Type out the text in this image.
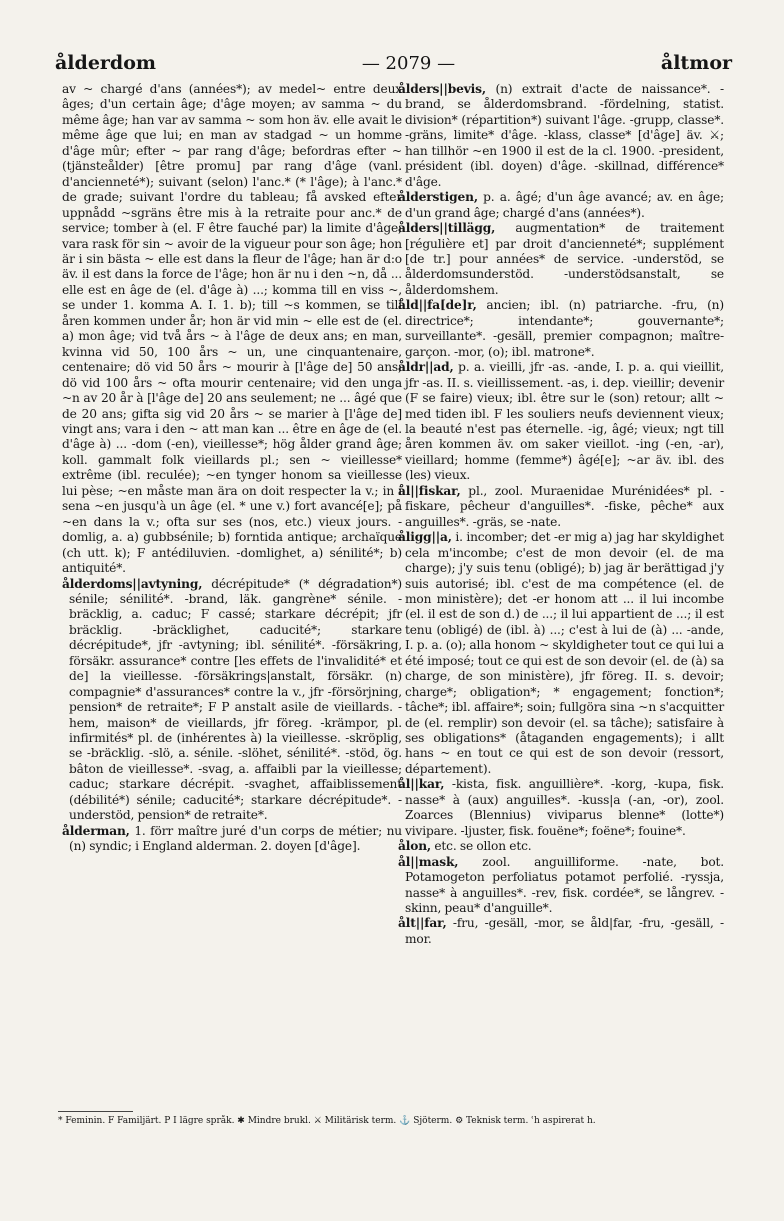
ålderdom	— 2079 —	åltmor

av ~ chargé d'ans (années*); av medel~ entre deux âges; d'un certain âge; d'âge moyen; av samma ~ du même âge; han var av samma ~ som hon äv. elle avait le même âge que lui; en man av stadgad ~ un homme d'âge mûr; efter ~ par rang d'âge; befordras efter ~ (tjänsteålder) [être promu] par rang d'âge (vanl. d'ancienneté*); suivant (selon) l'anc.* (* l'âge); à l'anc.* de grade; suivant l'ordre du tableau; få avsked efter uppnådd ~sgräns être mis à la retraite pour anc.* de service; tomber à (el. F être fauché par) la limite d'âge; vara rask för sin ~ avoir de la vigueur pour son âge; hon är i sin bästa ~ elle est dans la fleur de l'âge; han är d:o äv. il est dans la force de l'âge; hon är nu i den ~n, då ... elle est en âge de (el. d'âge à) ...; komma till en viss ~, se under 1. komma A. I. 1. b); till ~s kommen, se till åren kommen under år; hon är vid min ~ elle est de (el. a) mon âge; vid två års ~ à l'âge de deux ans; en man, kvinna vid 50, 100 års ~ un, une cinquantenaire, centenaire; dö vid 50 års ~ mourir à [l'âge de] 50 ans; dö vid 100 års ~ ofta mourir centenaire; vid den unga ~n av 20 år à [l'âge de] 20 ans seulement; ne ... âgé que de 20 ans; gifta sig vid 20 års ~ se marier à [l'âge de] vingt ans; vara i den ~ att man kan ... être en âge de (el. d'âge à) ... -dom (-en), vieillesse*; hög ålder grand âge; koll. gammalt folk vieillards pl.; sen ~ vieillesse* extrême (ibl. reculée); ~en tynger honom sa vieillesse lui pèse; ~en måste man ära on doit respecter la v.; in i sena ~en jusqu'à un âge (el. * une v.) fort avancé[e]; på ~en dans la v.; ofta sur ses (nos, etc.) vieux jours. -domlig, a. a) gubbsénile; b) forntida antique; archaïque (ch utt. k); F antédiluvien. -domlighet, a) sénilité*; b) antiquité*.

ålderdoms||avtyning, décrépitude* (* dégradation*) sénile; sénilité*. -brand, läk. gangrène* sénile. -bräcklig, a. caduc; F cassé; starkare décrépit; jfr bräcklig. -bräcklighet, caducité*; starkare décrépitude*, jfr -avtyning; ibl. sénilité*. -försäkring, försäkr. assurance* contre [les effets de l'invalidité* et de] la vieillesse. -försäkrings|anstalt, försäkr. (n) compagnie* d'assurances* contre la v., jfr -försörjning, pension* de retraite*; F P anstalt asile de vieillards. -hem, maison* de vieillards, jfr föreg. -krämpor, pl. infirmités* pl. de (inhérentes à) la vieillesse. -skröplig, se -bräcklig. -slö, a. sénile. -slöhet, sénilité*. -stöd, ög. bâton de vieillesse*. -svag, a. affaibli par la vieillesse; caduc; starkare décrépit. -svaghet, affaiblissement (débilité*) sénile; caducité*; starkare décrépitude*. -understöd, pension* de retraite*.

ålderman, 1. förr maître juré d'un corps de métier; nu (n) syndic; i England alderman. 2. doyen [d'âge].

ålders||bevis, (n) extrait d'acte de naissance*. -brand, se ålderdomsbrand. -fördelning, statist. division* (répartition*) suivant l'âge. -grupp, classe*. -gräns, limite* d'âge. -klass, classe* [d'âge] äv. ⚔; han tillhör ~en 1900 il est de la cl. 1900. -president, président (ibl. doyen) d'âge. -skillnad, différence* d'âge.

ålderstigen, p. a. âgé; d'un âge avancé; av. en âge; d'un grand âge; chargé d'ans (années*).

ålders||tillägg, augmentation* de traitement [régulière et] par droit d'ancienneté*; supplément [de tr.] pour années* de service. -understöd, se ålderdomsunderstöd. -understödsanstalt, se ålderdomshem.

åld||fa[de]r, ancien; ibl. (n) patriarche. -fru, (n) directrice*; intendante*; gouvernante*; surveillante*. -gesäll, premier compagnon; maître-garçon. -mor, (o); ibl. matrone*.

åldr||ad, p. a. vieilli, jfr -as. -ande, I. p. a. qui vieillit, jfr -as. II. s. vieillissement. -as, i. dep. vieillir; devenir (F se faire) vieux; ibl. être sur le (son) retour; allt ~ med tiden ibl. F les souliers neufs deviennent vieux; la beauté n'est pas éternelle. -ig, âgé; vieux; ngt till åren kommen äv. om saker vieillot. -ing (-en, -ar), vieillard; homme (femme*) âgé[e]; ~ar äv. ibl. des (les) vieux.

ål||fiskar, pl., zool. Muraenidae Murénidées* pl. -fiskare, pêcheur d'anguilles*. -fiske, pêche* aux anguilles*. -gräs, se -nate.

åligg||a, i. incomber; det -er mig a) jag har skyldighet cela m'incombe; c'est de mon devoir (el. de ma charge); j'y suis tenu (obligé); b) jag är berättigad j'y suis autorisé; ibl. c'est de ma compétence (el. de mon ministère); det -er honom att ... il lui incombe (el. il est de son d.) de ...; il lui appartient de ...; il est tenu (obligé) de (ibl. à) ...; c'est à lui de (à) ... -ande, I. p. a. (o); alla honom ~ skyldigheter tout ce qui lui a été imposé; tout ce qui est de son devoir (el. de (à) sa charge, de son ministère), jfr föreg. II. s. devoir; charge*; obligation*; * engagement; fonction*; tâche*; ibl. affaire*; soin; fullgöra sina ~n s'acquitter de (el. remplir) son devoir (el. sa tâche); satisfaire à ses obligations* (åtaganden engagements); i allt hans ~ en tout ce qui est de son devoir (ressort, département).

ål||kar, -kista, fisk. anguillière*. -korg, -kupa, fisk. nasse* à (aux) anguilles*. -kuss|a (-an, -or), zool. Zoarces (Blennius) viviparus blenne* (lotte*) vivipare. -ljuster, fisk. fouëne*; foëne*; fouine*.

ålon, etc. se ollon etc.

ål||mask, zool. anguilliforme. -nate, bot. Potamogeton perfoliatus potamot perfolié. -ryssja, nasse* à anguilles*. -rev, fisk. cordée*, se långrev. -skinn, peau* d'anguille*.

ålt||far, -fru, -gesäll, -mor, se åld|far, -fru, -gesäll, -mor.

* Feminin. F Familjärt. P I lägre språk. ✱ Mindre brukl. ⚔ Militärisk term. ⚓ Sjöterm. ⚙ Teknisk term. ʿh aspirerat h.
